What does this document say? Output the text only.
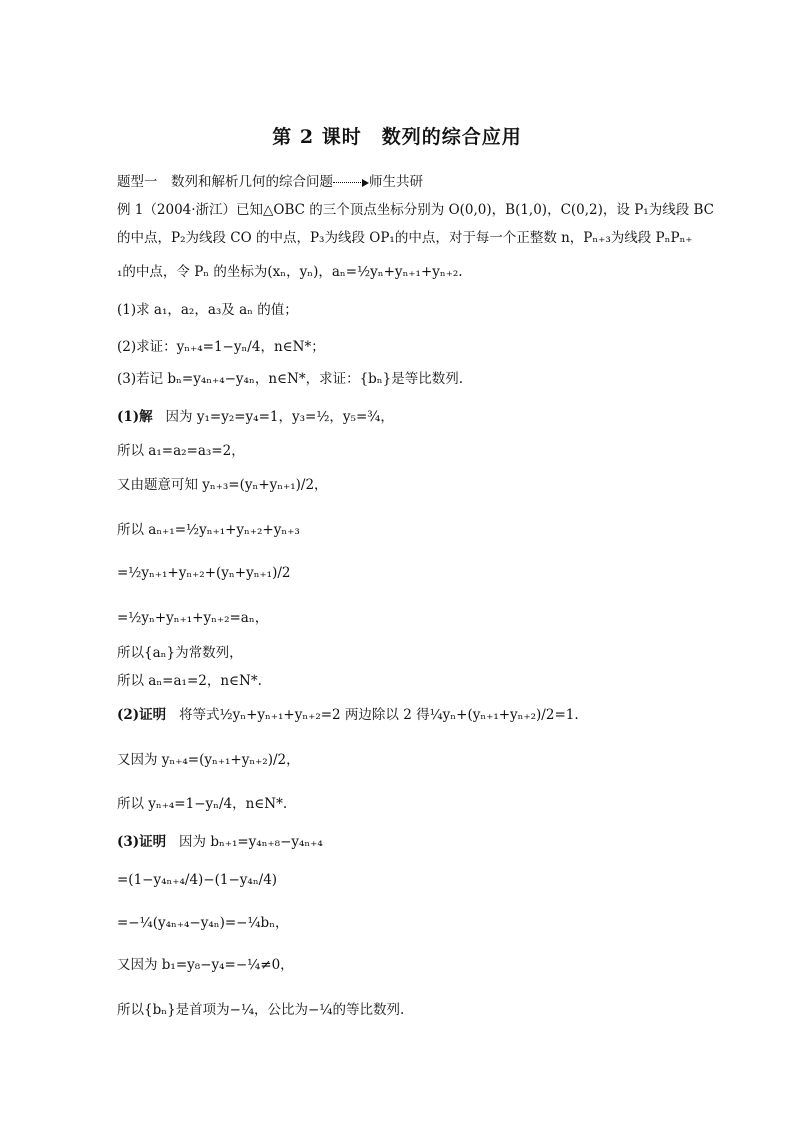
第 2 课时　数列的综合应用
题型一　数列和解析几何的综合问题	师生共研
例 1（2004·浙江）已知△OBC 的三个顶点坐标分别为 O(0,0)，B(1,0)，C(0,2)，设 P₁为线段 BC
的中点，P₂为线段 CO 的中点，P₃为线段 OP₁的中点，对于每一个正整数 n，Pₙ₊₃为线段 PₙPₙ₊
₁的中点，令 Pₙ 的坐标为(xₙ，yₙ)，aₙ=½yₙ+yₙ₊₁+yₙ₊₂.
(1)求 a₁，a₂，a₃及 aₙ 的值；
(2)求证：yₙ₊₄=1−yₙ/4，n∈N*；
(3)若记 bₙ=y₄ₙ₊₄−y₄ₙ，n∈N*，求证：{bₙ}是等比数列.
(1)解 因为 y₁=y₂=y₄=1，y₃=½，y₅=¾，
所以 a₁=a₂=a₃=2，
又由题意可知 yₙ₊₃=(yₙ+yₙ₊₁)/2，
所以 aₙ₊₁=½yₙ₊₁+yₙ₊₂+yₙ₊₃
=½yₙ₊₁+yₙ₊₂+(yₙ+yₙ₊₁)/2
=½yₙ+yₙ₊₁+yₙ₊₂=aₙ，
所以{aₙ}为常数列，
所以 aₙ=a₁=2，n∈N*.
(2)证明 将等式½yₙ+yₙ₊₁+yₙ₊₂=2 两边除以 2 得¼yₙ+(yₙ₊₁+yₙ₊₂)/2=1.
又因为 yₙ₊₄=(yₙ₊₁+yₙ₊₂)/2，
所以 yₙ₊₄=1−yₙ/4，n∈N*.
(3)证明 因为 bₙ₊₁=y₄ₙ₊₈−y₄ₙ₊₄
=(1−y₄ₙ₊₄/4)−(1−y₄ₙ/4)
=−¼(y₄ₙ₊₄−y₄ₙ)=−¼bₙ，
又因为 b₁=y₈−y₄=−¼≠0，
所以{bₙ}是首项为−¼，公比为−¼的等比数列.
